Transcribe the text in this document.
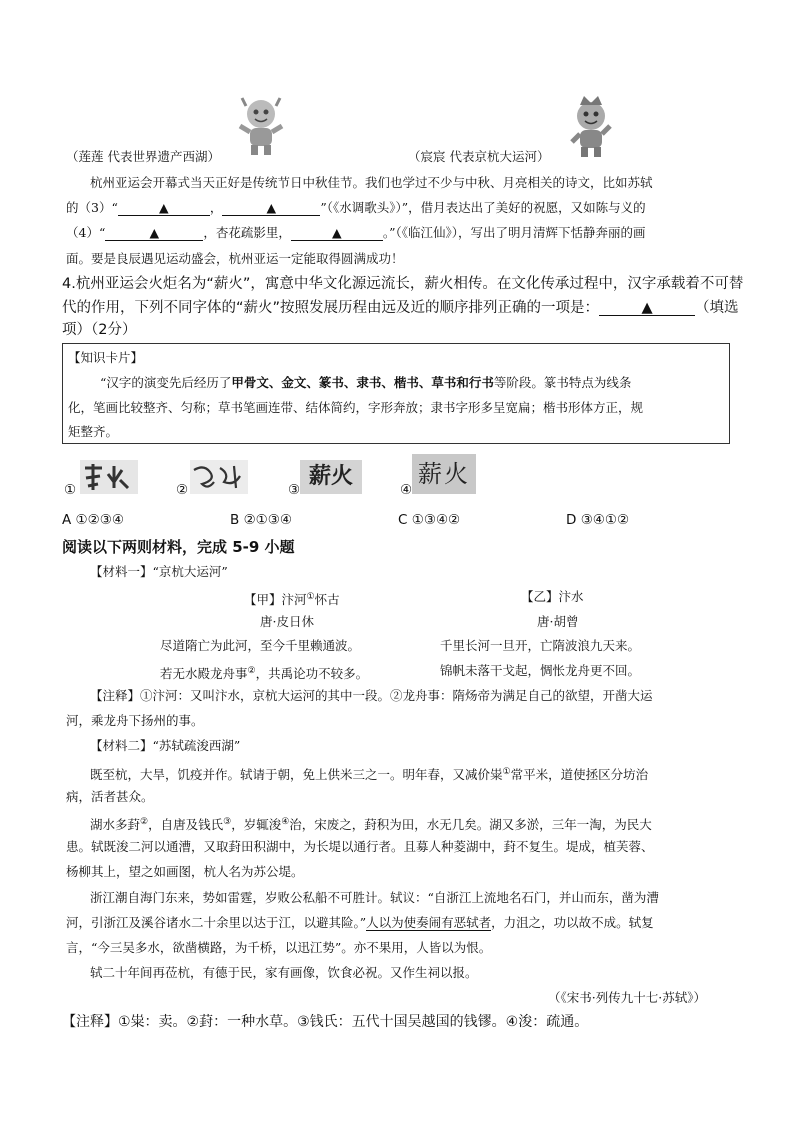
（莲莲 代表世界遗产西湖）	（宸宸 代表京杭大运河）
杭州亚运会开幕式当天正好是传统节日中秋佳节。我们也学过不少与中秋、月亮相关的诗文，比如苏轼
的（3）“	▲	，	▲	”（《水调歌头》）”，借月表达出了美好的祝愿，又如陈与义的
（4）“	▲	，杏花疏影里，	▲	。”（《临江仙》），写出了明月清辉下恬静奔丽的画
面。要是良辰遇见运动盛会，杭州亚运一定能取得圆满成功！
4.杭州亚运会火炬名为“薪火”，寓意中华文化源远流长，薪火相传。在文化传承过程中，汉字承载着不可替
代的作用，下列不同字体的“薪火”按照发展历程由远及近的顺序排列正确的一项是：	▲	（填选
项）（2分）
【知识卡片】
“汉字的演变先后经历了甲骨文、金文、篆书、隶书、楷书、草书和行书等阶段。篆书特点为线条
化，笔画比较整齐、匀称；草书笔画连带、结体简约，字形奔放；隶书字形多呈宽扁；楷书形体方正，规
矩整齐。
①	②	③
薪火
④
薪火
A ①②③④	B ②①③④	C ①③④②	D ③④①②
阅读以下两则材料，完成 5-9 小题
【材料一】“京杭大运河”
【甲】汴河①怀古	【乙】汴水
唐·皮日休	唐·胡曾
尽道隋亡为此河，至今千里赖通波。	千里长河一旦开，亡隋波浪九天来。
若无水殿龙舟事②，共禹论功不较多。	锦帆未落干戈起，惆怅龙舟更不回。
【注释】①汴河：又叫汴水，京杭大运河的其中一段。②龙舟事：隋炀帝为满足自己的欲望，开凿大运
河，乘龙舟下扬州的事。
【材料二】“苏轼疏浚西湖”
既至杭，大旱，饥疫并作。轼请于朝，免上供米三之一。明年春，又减价粜①常平米，道使拯区分坊治
病，活者甚众。
湖水多葑②，自唐及钱氏③，岁辄浚④治，宋废之，葑积为田，水无几矣。湖又多淤，三年一淘，为民大
患。轼既浚二河以通漕，又取葑田积湖中，为长堤以通行者。且募人种菱湖中，葑不复生。堤成，植芙蓉、
杨柳其上，望之如画图，杭人名为苏公堤。
浙江潮自海门东来，势如雷霆，岁败公私船不可胜计。轼议：“自浙江上流地名石门，并山而东，凿为漕
河，引浙江及溪谷诸水二十余里以达于江，以避其险。”人以为使奏闹有恶轼者，力沮之，功以故不成。轼复
言，“今三吴多水，欲凿横路，为千桥，以迅江势”。亦不果用，人皆以为恨。
轼二十年间再莅杭，有德于民，家有画像，饮食必祝。又作生祠以报。
（《宋书·列传九十七·苏轼》）
【注释】①粜：卖。②葑：一种水草。③钱氏：五代十国吴越国的钱镠。④浚：疏通。
